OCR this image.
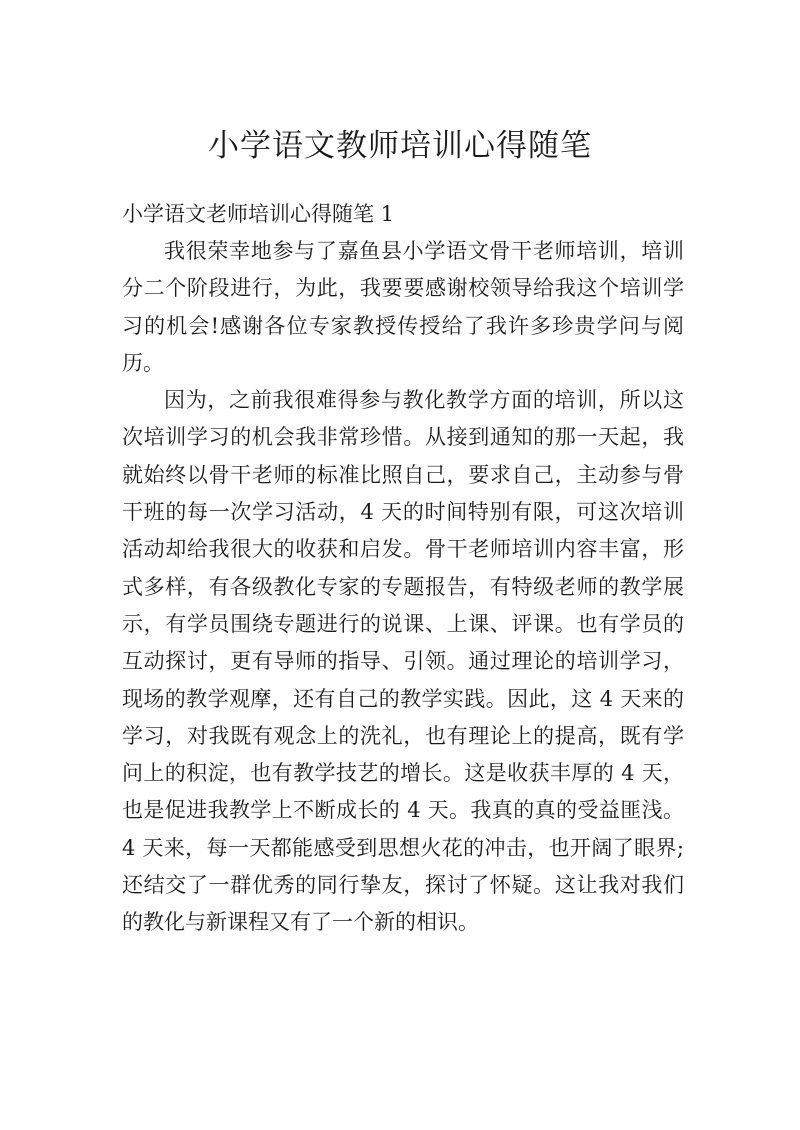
小学语文教师培训心得随笔
小学语文老师培训心得随笔 1

我很荣幸地参与了嘉鱼县小学语文骨干老师培训，培训分二个阶段进行，为此，我要要感谢校领导给我这个培训学习的机会!感谢各位专家教授传授给了我许多珍贵学问与阅历。

因为，之前我很难得参与教化教学方面的培训，所以这次培训学习的机会我非常珍惜。从接到通知的那一天起，我就始终以骨干老师的标准比照自己，要求自己，主动参与骨干班的每一次学习活动，4 天的时间特别有限，可这次培训活动却给我很大的收获和启发。骨干老师培训内容丰富，形式多样，有各级教化专家的专题报告，有特级老师的教学展示，有学员围绕专题进行的说课、上课、评课。也有学员的互动探讨，更有导师的指导、引领。通过理论的培训学习，现场的教学观摩，还有自己的教学实践。因此，这 4 天来的学习，对我既有观念上的洗礼，也有理论上的提高，既有学问上的积淀，也有教学技艺的增长。这是收获丰厚的 4 天，也是促进我教学上不断成长的 4 天。我真的真的受益匪浅。4 天来，每一天都能感受到思想火花的冲击，也开阔了眼界;还结交了一群优秀的同行挚友，探讨了怀疑。这让我对我们的教化与新课程又有了一个新的相识。
